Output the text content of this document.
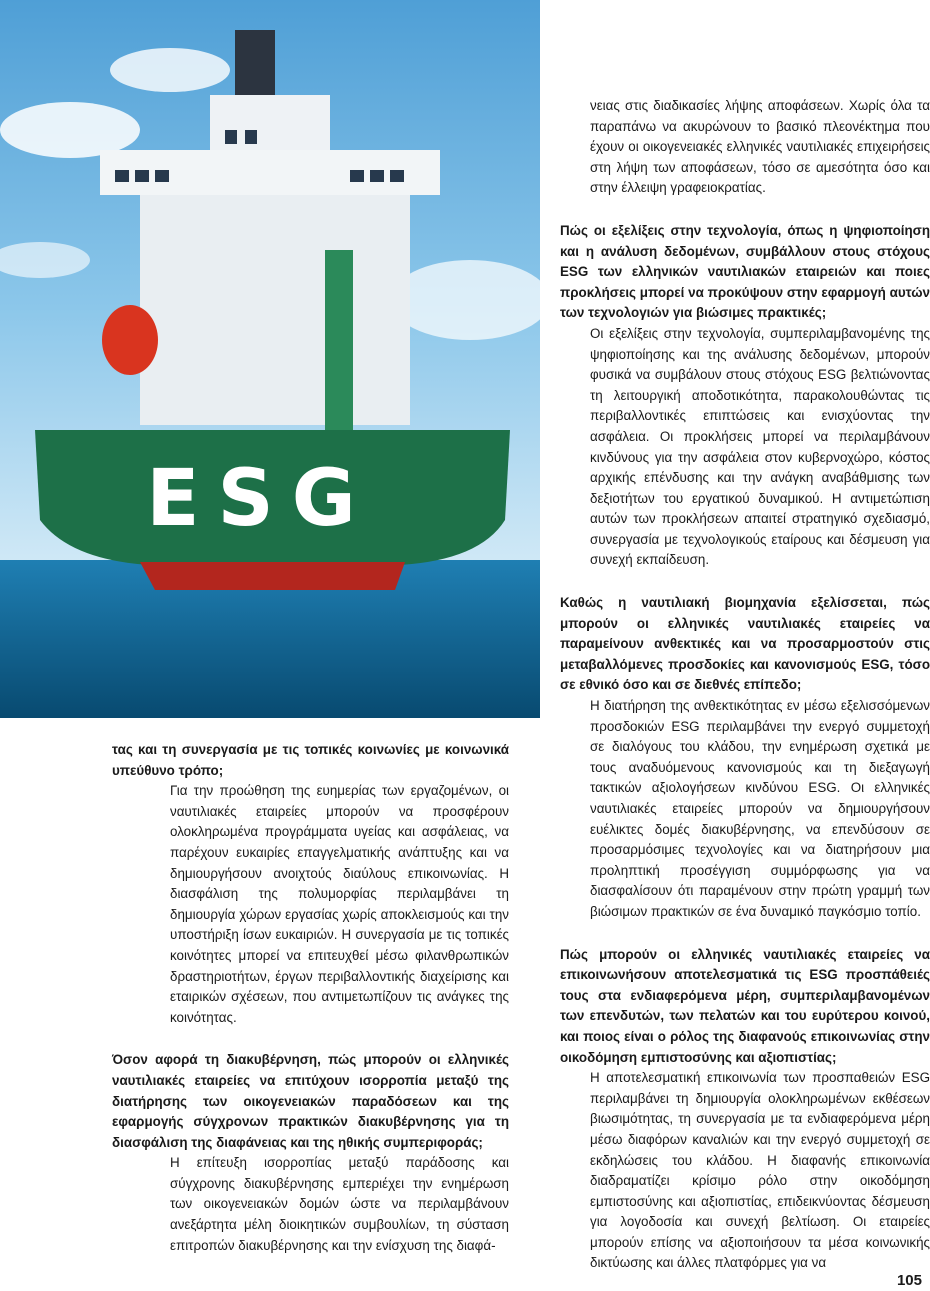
ESG

τας και τη συνεργασία με τις τοπικές κοινωνίες με κοινωνικά υπεύθυνο τρόπο;

Για την προώθηση της ευημερίας των εργαζομένων, οι ναυτιλιακές εταιρείες μπορούν να προσφέρουν ολοκληρωμένα προγράμματα υγείας και ασφάλειας, να παρέχουν ευκαιρίες επαγγελματικής ανάπτυξης και να δημιουργήσουν ανοιχτούς διαύλους επικοινωνίας. Η διασφάλιση της πολυμορφίας περιλαμβάνει τη δημιουργία χώρων εργασίας χωρίς αποκλεισμούς και την υποστήριξη ίσων ευκαιριών. Η συνεργασία με τις τοπικές κοινότητες μπορεί να επιτευχθεί μέσω φιλανθρωπικών δραστηριοτήτων, έργων περιβαλλοντικής διαχείρισης και εταιρικών σχέσεων, που αντιμετωπίζουν τις ανάγκες της κοινότητας.

Όσον αφορά τη διακυβέρνηση, πώς μπορούν οι ελληνικές ναυτιλιακές εταιρείες να επιτύχουν ισορροπία μεταξύ της διατήρησης των οικογενειακών παραδόσεων και της εφαρμογής σύγχρονων πρακτικών διακυβέρνησης για τη διασφάλιση της διαφάνειας και της ηθικής συμπεριφοράς;

Η επίτευξη ισορροπίας μεταξύ παράδοσης και σύγχρονης διακυβέρνησης εμπεριέχει την ενημέρωση των οικογενειακών δομών ώστε να περιλαμβάνουν ανεξάρτητα μέλη διοικητικών συμβουλίων, τη σύσταση επιτροπών διακυβέρνησης και την ενίσχυση της διαφά-

νειας στις διαδικασίες λήψης αποφάσεων. Χωρίς όλα τα παραπάνω να ακυρώνουν το βασικό πλεονέκτημα που έχουν οι οικογενειακές ελληνικές ναυτιλιακές επιχειρήσεις στη λήψη των αποφάσεων, τόσο σε αμεσότητα όσο και στην έλλειψη γραφειοκρατίας.

Πώς οι εξελίξεις στην τεχνολογία, όπως η ψηφιοποίηση και η ανάλυση δεδομένων, συμβάλλουν στους στόχους ESG των ελληνικών ναυτιλιακών εταιρειών και ποιες προκλήσεις μπορεί να προκύψουν στην εφαρμογή αυτών των τεχνολογιών για βιώσιμες πρακτικές;

Οι εξελίξεις στην τεχνολογία, συμπεριλαμβανομένης της ψηφιοποίησης και της ανάλυσης δεδομένων, μπορούν φυσικά να συμβάλουν στους στόχους ESG βελτιώνοντας τη λειτουργική αποδοτικότητα, παρακολουθώντας τις περιβαλλοντικές επιπτώσεις και ενισχύοντας την ασφάλεια. Οι προκλήσεις μπορεί να περιλαμβάνουν κινδύνους για την ασφάλεια στον κυβερνοχώρο, κόστος αρχικής επένδυσης και την ανάγκη αναβάθμισης των δεξιοτήτων του εργατικού δυναμικού. Η αντιμετώπιση αυτών των προκλήσεων απαιτεί στρατηγικό σχεδιασμό, συνεργασία με τεχνολογικούς εταίρους και δέσμευση για συνεχή εκπαίδευση.

Καθώς η ναυτιλιακή βιομηχανία εξελίσσεται, πώς μπορούν οι ελληνικές ναυτιλιακές εταιρείες να παραμείνουν ανθεκτικές και να προσαρμοστούν στις μεταβαλλόμενες προσδοκίες και κανονισμούς ESG, τόσο σε εθνικό όσο και σε διεθνές επίπεδο;

Η διατήρηση της ανθεκτικότητας εν μέσω εξελισσόμενων προσδοκιών ESG περιλαμβάνει την ενεργό συμμετοχή σε διαλόγους του κλάδου, την ενημέρωση σχετικά με τους αναδυόμενους κανονισμούς και τη διεξαγωγή τακτικών αξιολογήσεων κινδύνου ESG. Οι ελληνικές ναυτιλιακές εταιρείες μπορούν να δημιουργήσουν ευέλικτες δομές διακυβέρνησης, να επενδύσουν σε προσαρμόσιμες τεχνολογίες και να διατηρήσουν μια προληπτική προσέγγιση συμμόρφωσης για να διασφαλίσουν ότι παραμένουν στην πρώτη γραμμή των βιώσιμων πρακτικών σε ένα δυναμικό παγκόσμιο τοπίο.

Πώς μπορούν οι ελληνικές ναυτιλιακές εταιρείες να επικοινωνήσουν αποτελεσματικά τις ESG προσπάθειές τους στα ενδιαφερόμενα μέρη, συμπεριλαμβανομένων των επενδυτών, των πελατών και του ευρύτερου κοινού, και ποιος είναι ο ρόλος της διαφανούς επικοινωνίας στην οικοδόμηση εμπιστοσύνης και αξιοπιστίας;

Η αποτελεσματική επικοινωνία των προσπαθειών ESG περιλαμβάνει τη δημιουργία ολοκληρωμένων εκθέσεων βιωσιμότητας, τη συνεργασία με τα ενδιαφερόμενα μέρη μέσω διαφόρων καναλιών και την ενεργό συμμετοχή σε εκδηλώσεις του κλάδου. Η διαφανής επικοινωνία διαδραματίζει κρίσιμο ρόλο στην οικοδόμηση εμπιστοσύνης και αξιοπιστίας, επιδεικνύοντας δέσμευση για λογοδοσία και συνεχή βελτίωση. Οι εταιρείες μπορούν επίσης να αξιοποιήσουν τα μέσα κοινωνικής δικτύωσης και άλλες πλατφόρμες για να

105
